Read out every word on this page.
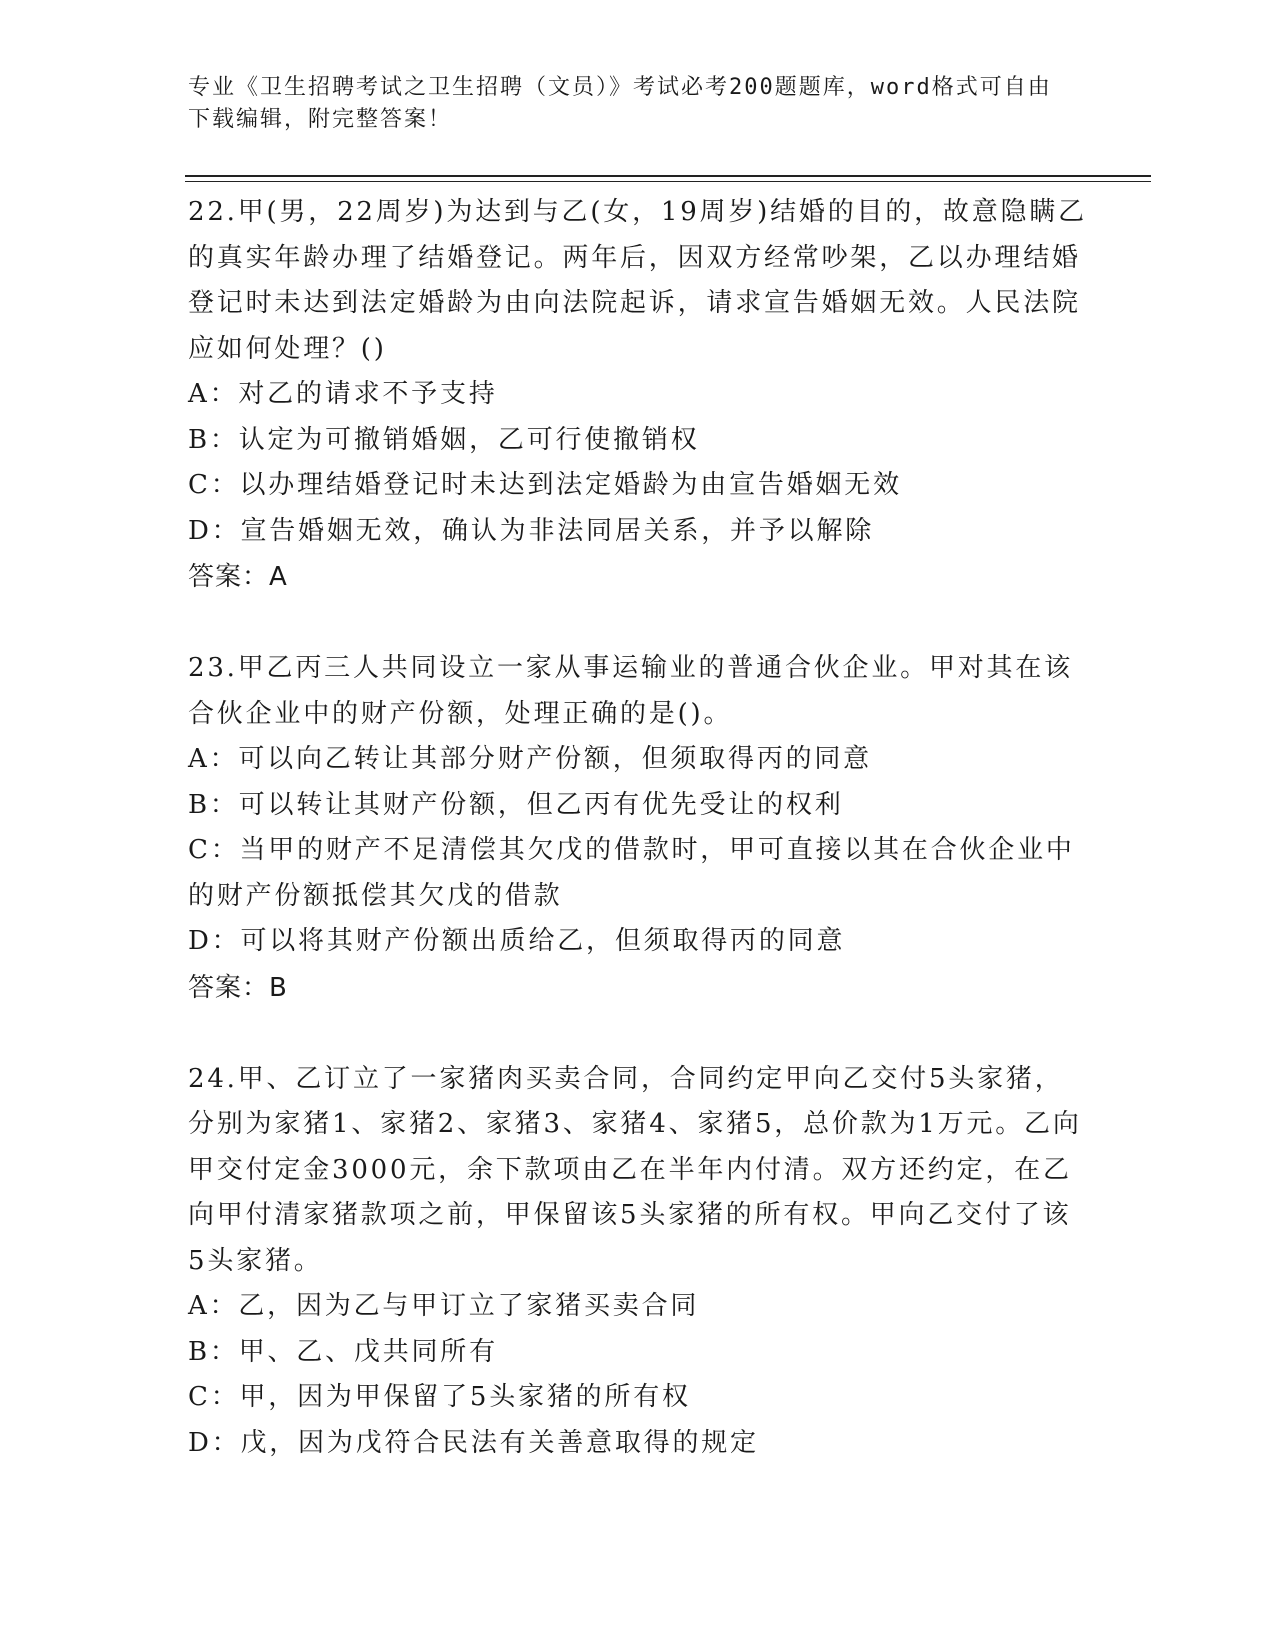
专业《卫生招聘考试之卫生招聘（文员）》考试必考200题题库，word格式可自由下载编辑，附完整答案！

22.甲(男，22周岁)为达到与乙(女，19周岁)结婚的目的，故意隐瞒乙的真实年龄办理了结婚登记。两年后，因双方经常吵架，乙以办理结婚登记时未达到法定婚龄为由向法院起诉，请求宣告婚姻无效。人民法院应如何处理？()

A：对乙的请求不予支持

B：认定为可撤销婚姻，乙可行使撤销权

C：以办理结婚登记时未达到法定婚龄为由宣告婚姻无效

D：宣告婚姻无效，确认为非法同居关系，并予以解除

答案：A

23.甲乙丙三人共同设立一家从事运输业的普通合伙企业。甲对其在该合伙企业中的财产份额，处理正确的是()。

A：可以向乙转让其部分财产份额，但须取得丙的同意

B：可以转让其财产份额，但乙丙有优先受让的权利

C：当甲的财产不足清偿其欠戊的借款时，甲可直接以其在合伙企业中的财产份额抵偿其欠戊的借款

D：可以将其财产份额出质给乙，但须取得丙的同意

答案：B

24.甲、乙订立了一家猪肉买卖合同，合同约定甲向乙交付5头家猪，分别为家猪1、家猪2、家猪3、家猪4、家猪5，总价款为1万元。乙向甲交付定金3000元，余下款项由乙在半年内付清。双方还约定，在乙向甲付清家猪款项之前，甲保留该5头家猪的所有权。甲向乙交付了该5头家猪。

A：乙，因为乙与甲订立了家猪买卖合同

B：甲、乙、戊共同所有

C：甲，因为甲保留了5头家猪的所有权

D：戊，因为戊符合民法有关善意取得的规定
